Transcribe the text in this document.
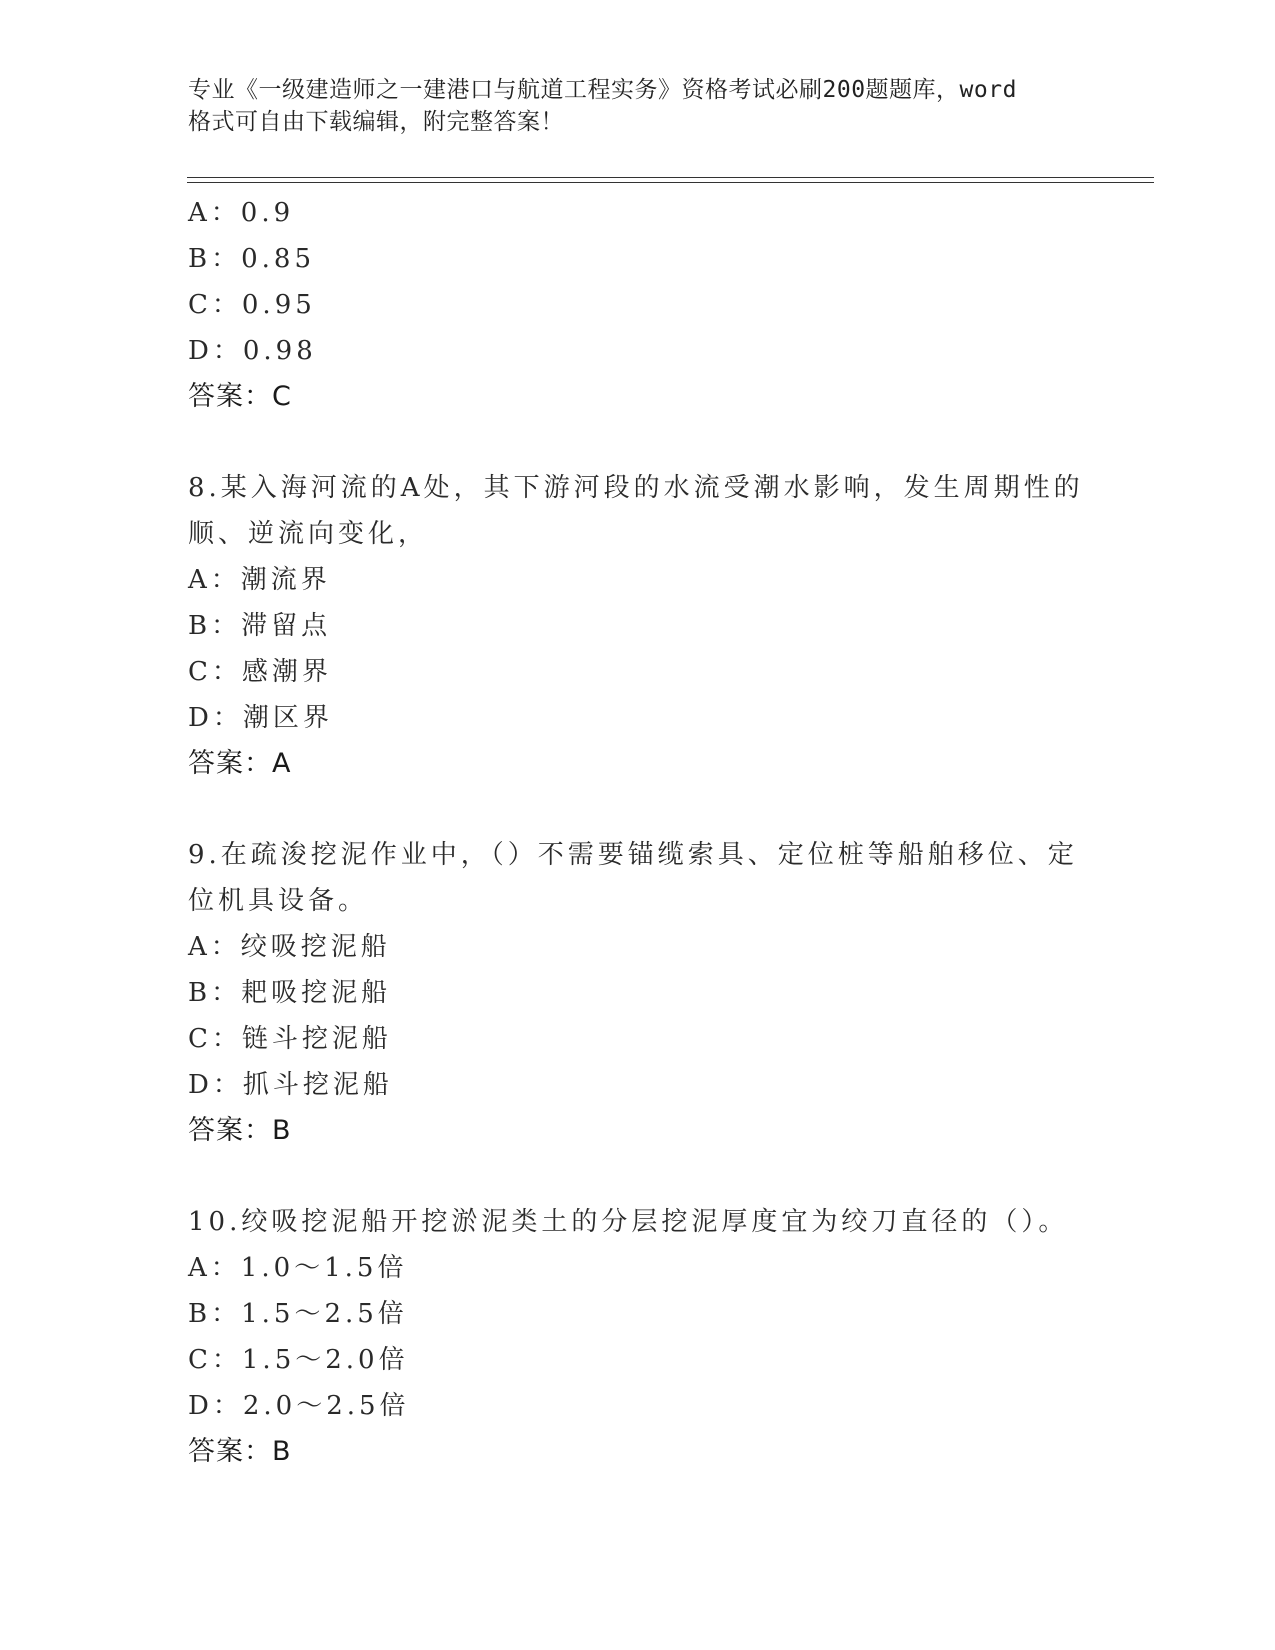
专业《一级建造师之一建港口与航道工程实务》资格考试必刷200题题库，word
格式可自由下载编辑，附完整答案！
A：0.9
B：0.85
C：0.95
D：0.98
答案：C
8.某入海河流的A处，其下游河段的水流受潮水影响，发生周期性的
顺、逆流向变化，
A：潮流界
B：滞留点
C：感潮界
D：潮区界
答案：A
9.在疏浚挖泥作业中，（）不需要锚缆索具、定位桩等船舶移位、定
位机具设备。
A：绞吸挖泥船
B：耙吸挖泥船
C：链斗挖泥船
D：抓斗挖泥船
答案：B
10.绞吸挖泥船开挖淤泥类土的分层挖泥厚度宜为绞刀直径的（）。
A：1.0～1.5倍
B：1.5～2.5倍
C：1.5～2.0倍
D：2.0～2.5倍
答案：B
